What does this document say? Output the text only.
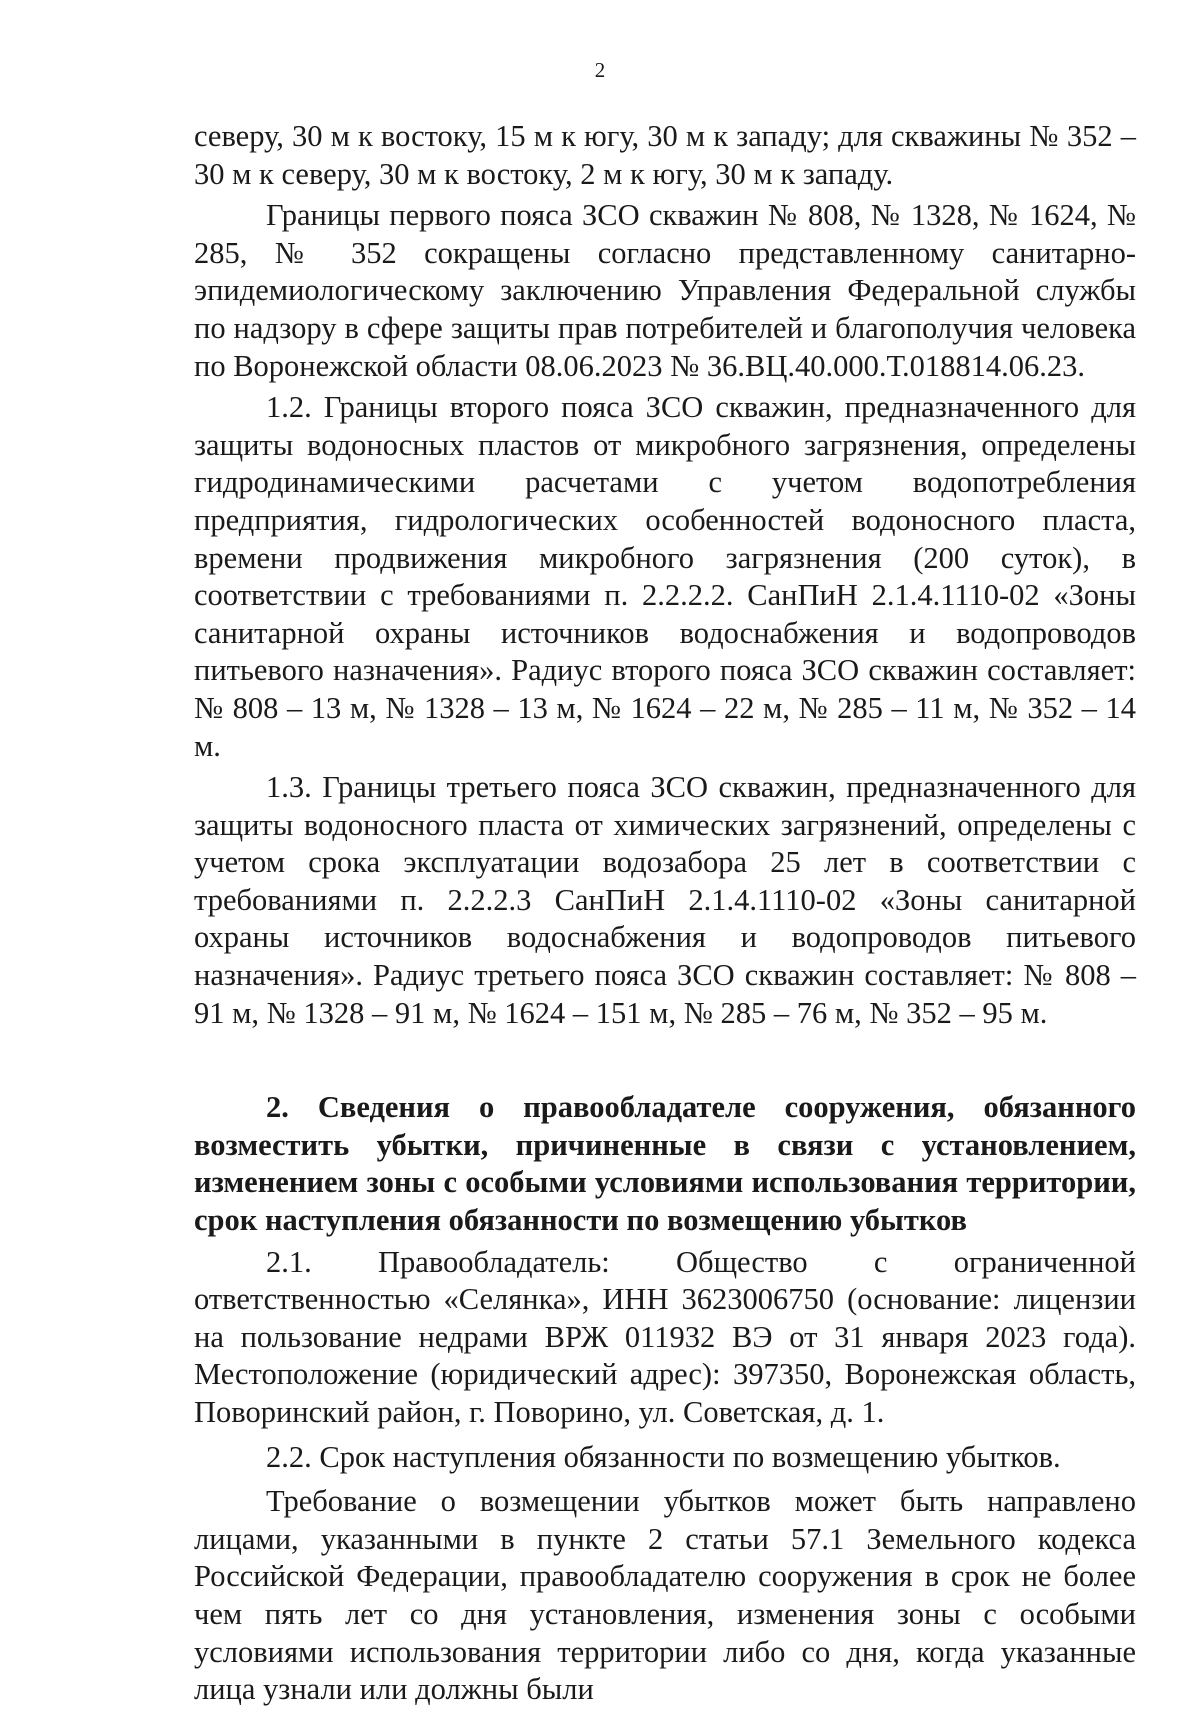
2

северу, 30 м к востоку, 15 м к югу, 30 м к западу; для скважины № 352 – 30 м к северу, 30 м к востоку, 2 м к югу, 30 м к западу.

Границы первого пояса ЗСО скважин № 808, № 1328, № 1624, № 285, № 352 сокращены согласно представленному санитарно-эпидемиологическому заключению Управления Федеральной службы по надзору в сфере защиты прав потребителей и благополучия человека по Воронежской области 08.06.2023 № 36.ВЦ.40.000.Т.018814.06.23.

1.2. Границы второго пояса ЗСО скважин, предназначенного для защиты водоносных пластов от микробного загрязнения, определены гидродинамическими расчетами с учетом водопотребления предприятия, гидрологических особенностей водоносного пласта, времени продвижения микробного загрязнения (200 суток), в соответствии с требованиями п. 2.2.2.2. СанПиН 2.1.4.1110-02 «Зоны санитарной охраны источников водоснабжения и водопроводов питьевого назначения». Радиус второго пояса ЗСО скважин составляет: № 808 – 13 м, № 1328 – 13 м, № 1624 – 22 м, № 285 – 11 м, № 352 – 14 м.

1.3. Границы третьего пояса ЗСО скважин, предназначенного для защиты водоносного пласта от химических загрязнений, определены с учетом срока эксплуатации водозабора 25 лет в соответствии с требованиями п. 2.2.2.3 СанПиН 2.1.4.1110-02 «Зоны санитарной охраны источников водоснабжения и водопроводов питьевого назначения». Радиус третьего пояса ЗСО скважин составляет: № 808 – 91 м, № 1328 – 91 м, № 1624 – 151 м, № 285 – 76 м, № 352 – 95 м.

2. Сведения о правообладателе сооружения, обязанного возместить убытки, причиненные в связи с установлением, изменением зоны с особыми условиями использования территории, срок наступления обязанности по возмещению убытков

2.1. Правообладатель: Общество с ограниченной ответственностью «Селянка», ИНН 3623006750 (основание: лицензии на пользование недрами ВРЖ 011932 ВЭ от 31 января 2023 года). Местоположение (юридический адрес): 397350, Воронежская область, Поворинский район, г. Поворино, ул. Советская, д. 1.

2.2. Срок наступления обязанности по возмещению убытков.

Требование о возмещении убытков может быть направлено лицами, указанными в пункте 2 статьи 57.1 Земельного кодекса Российской Федерации, правообладателю сооружения в срок не более чем пять лет со дня установления, изменения зоны с особыми условиями использования территории либо со дня, когда указанные лица узнали или должны были
